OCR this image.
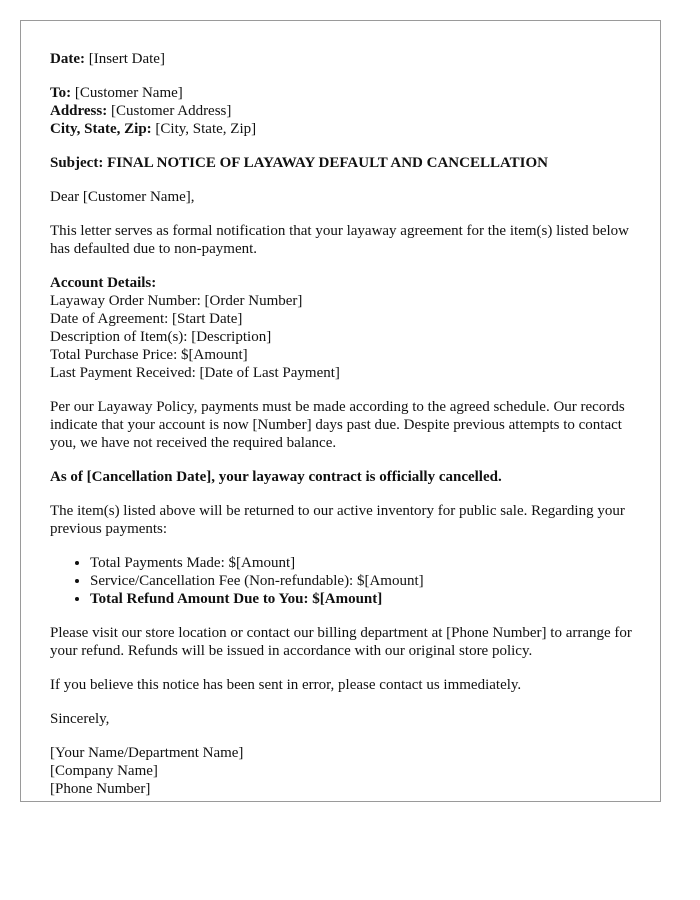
Date: [Insert Date]
To: [Customer Name]
Address: [Customer Address]
City, State, Zip: [City, State, Zip]
Subject: FINAL NOTICE OF LAYAWAY DEFAULT AND CANCELLATION

Dear [Customer Name],

This letter serves as formal notification that your layaway agreement for the item(s) listed below has defaulted due to non-payment.

Account Details:
Layaway Order Number: [Order Number]
Date of Agreement: [Start Date]
Description of Item(s): [Description]
Total Purchase Price: $[Amount]
Last Payment Received: [Date of Last Payment]

Per our Layaway Policy, payments must be made according to the agreed schedule. Our records indicate that your account is now [Number] days past due. Despite previous attempts to contact you, we have not received the required balance.

As of [Cancellation Date], your layaway contract is officially cancelled.

The item(s) listed above will be returned to our active inventory for public sale. Regarding your previous payments:

• Total Payments Made: $[Amount]
• Service/Cancellation Fee (Non-refundable): $[Amount]
• Total Refund Amount Due to You: $[Amount]

Please visit our store location or contact our billing department at [Phone Number] to arrange for your refund. Refunds will be issued in accordance with our original store policy.

If you believe this notice has been sent in error, please contact us immediately.

Sincerely,

[Your Name/Department Name]
[Company Name]
[Phone Number]
